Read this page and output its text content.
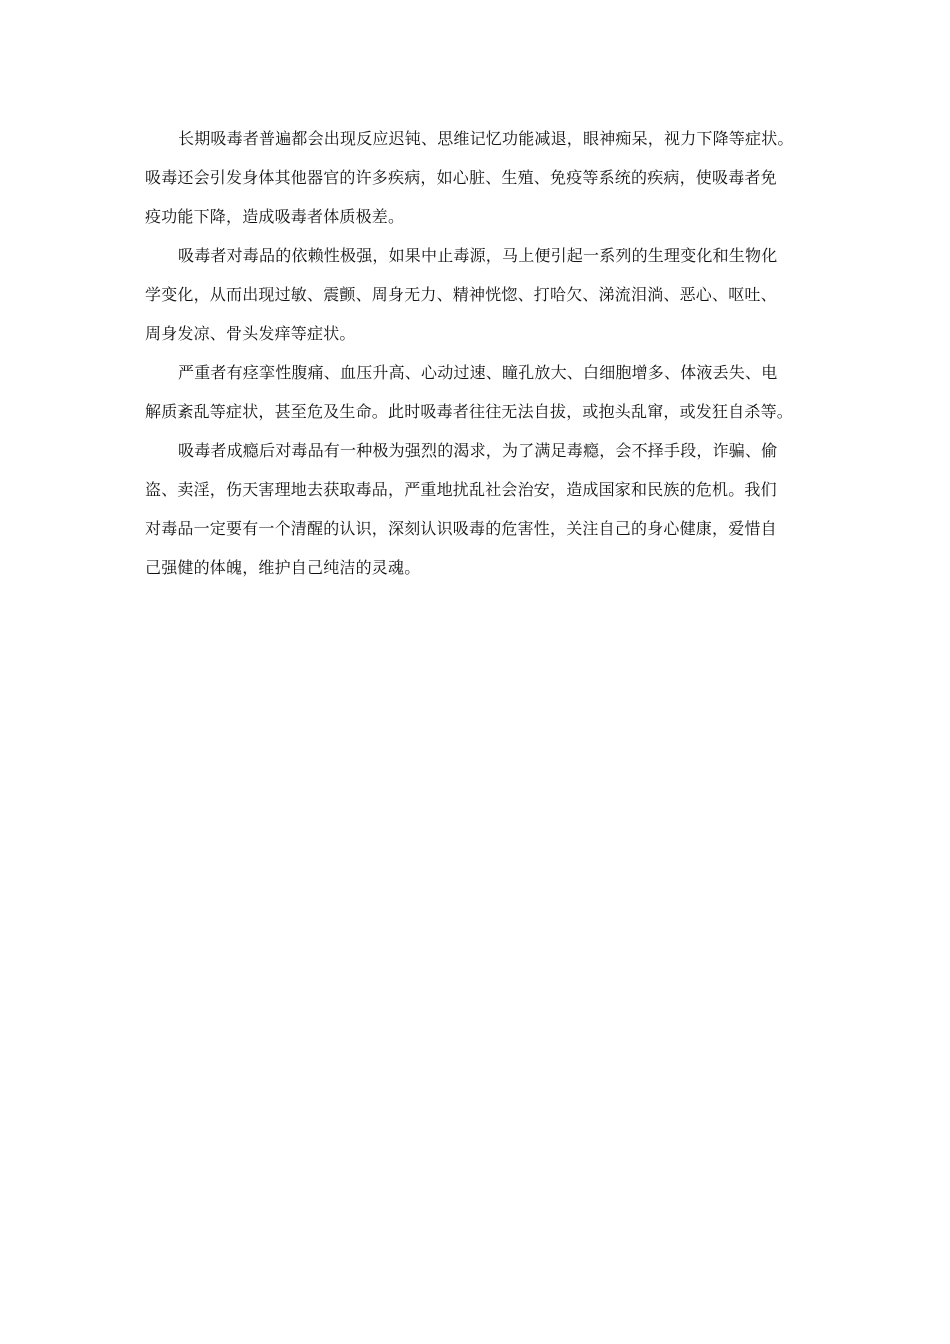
长期吸毒者普遍都会出现反应迟钝、思维记忆功能减退，眼神痴呆，视力下降等症状。
吸毒还会引发身体其他器官的许多疾病，如心脏、生殖、免疫等系统的疾病，使吸毒者免
疫功能下降，造成吸毒者体质极差。

吸毒者对毒品的依赖性极强，如果中止毒源，马上便引起一系列的生理变化和生物化
学变化，从而出现过敏、震颤、周身无力、精神恍惚、打哈欠、涕流泪淌、恶心、呕吐、
周身发凉、骨头发痒等症状。

严重者有痉挛性腹痛、血压升高、心动过速、瞳孔放大、白细胞增多、体液丢失、电
解质紊乱等症状，甚至危及生命。此时吸毒者往往无法自拔，或抱头乱窜，或发狂自杀等。

吸毒者成瘾后对毒品有一种极为强烈的渴求，为了满足毒瘾，会不择手段，诈骗、偷
盗、卖淫，伤天害理地去获取毒品，严重地扰乱社会治安，造成国家和民族的危机。我们
对毒品一定要有一个清醒的认识，深刻认识吸毒的危害性，关注自己的身心健康，爱惜自
己强健的体魄，维护自己纯洁的灵魂。
